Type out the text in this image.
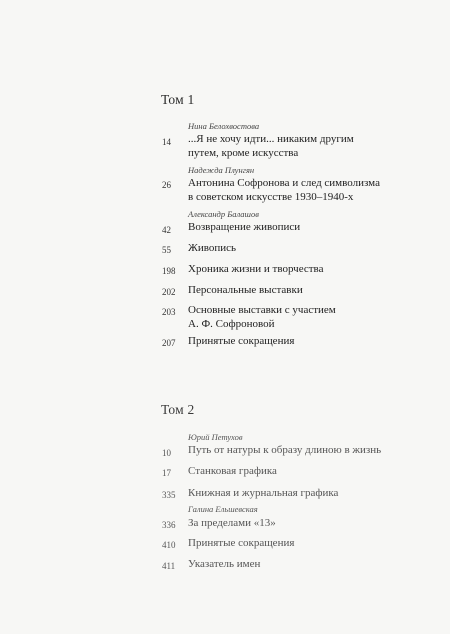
Том 1
Нина Белохвостова
14 ...Я не хочу идти... никаким другим
путем, кроме искусства
Надежда Плунгян
26 Антонина Софронова и след символизма
в советском искусстве 1930–1940-х
Александр Балашов
42 Возвращение живописи
55 Живопись
198 Хроника жизни и творчества
202 Персональные выставки
203 Основные выставки с участием
А. Ф. Софроновой
207 Принятые сокращения
Том 2
Юрий Петухов
10 Путь от натуры к образу длиною в жизнь
17 Станковая графика
335 Книжная и журнальная графика
Галина Ельшевская
336 За пределами «13»
410 Принятые сокращения
411 Указатель имен
